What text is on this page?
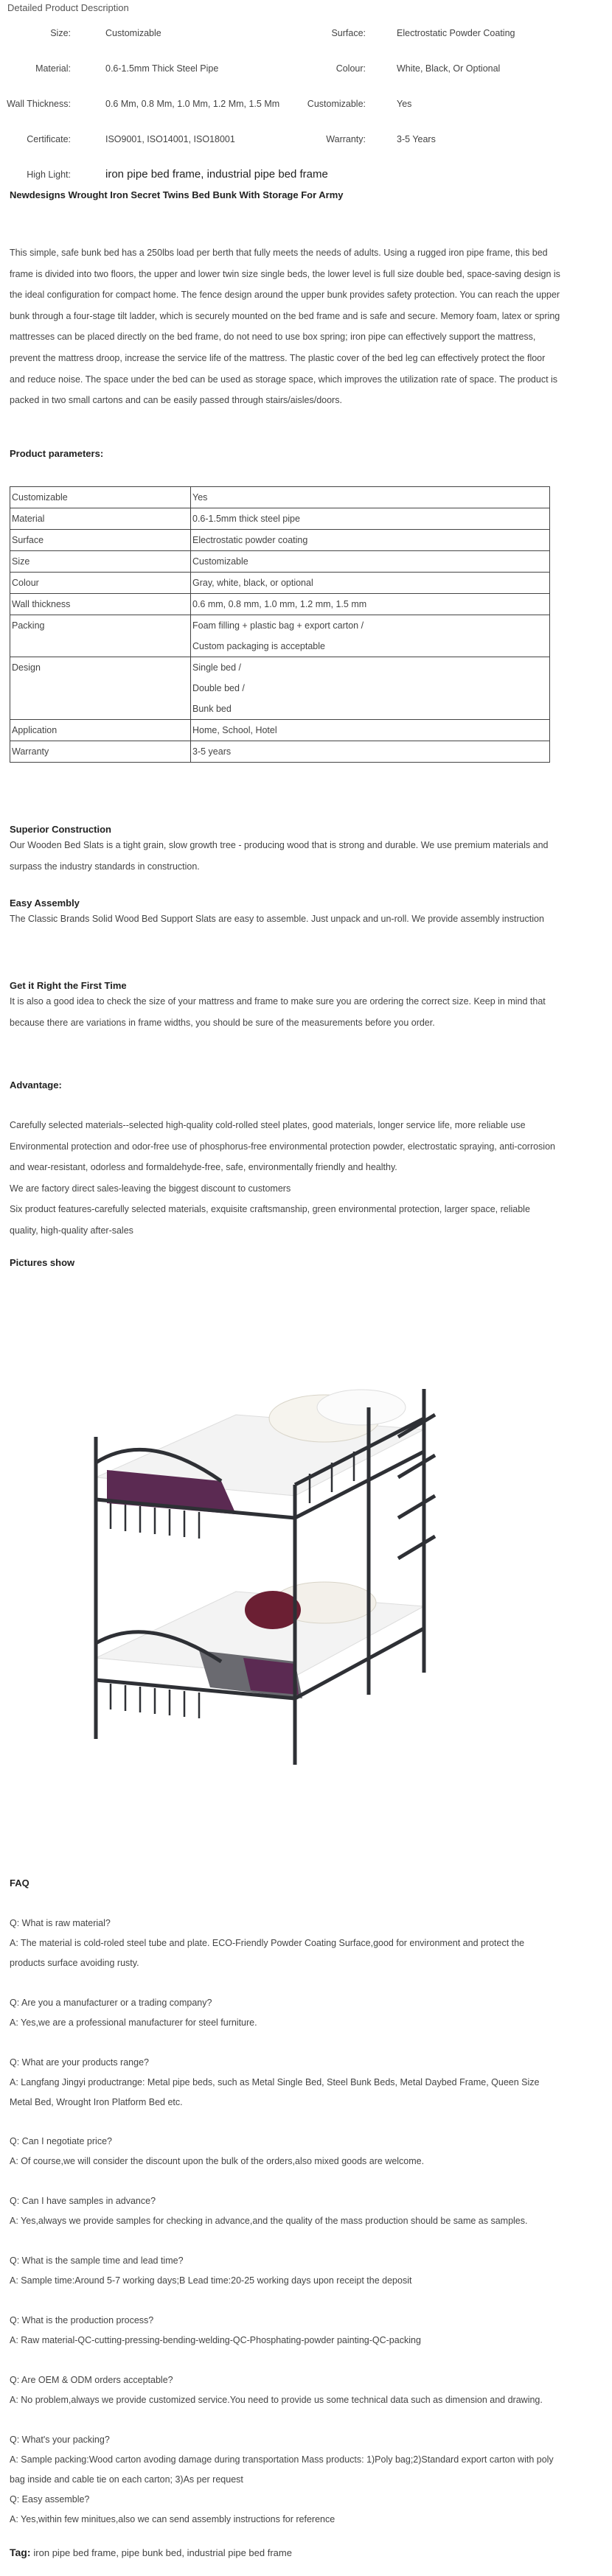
Detailed Product Description
Size:	Customizable	Surface:	Electrostatic Powder Coating
Material:	0.6-1.5mm Thick Steel Pipe	Colour:	White, Black, Or Optional
Wall Thickness:	0.6 Mm, 0.8 Mm, 1.0 Mm, 1.2 Mm, 1.5 Mm	Customizable:	Yes
Certificate:	ISO9001, ISO14001, ISO18001	Warranty:	3-5 Years
High Light:	iron pipe bed frame, industrial pipe bed frame
Newdesigns Wrought Iron Secret Twins Bed Bunk With Storage For Army
This simple, safe bunk bed has a 250lbs load per berth that fully meets the needs of adults. Using a rugged iron pipe frame, this bed
frame is divided into two floors, the upper and lower twin size single beds, the lower level is full size double bed, space-saving design is
the ideal configuration for compact home. The fence design around the upper bunk provides safety protection. You can reach the upper
bunk through a four-stage tilt ladder, which is securely mounted on the bed frame and is safe and secure. Memory foam, latex or spring
mattresses can be placed directly on the bed frame, do not need to use box spring; iron pipe can effectively support the mattress,
prevent the mattress droop, increase the service life of the mattress. The plastic cover of the bed leg can effectively protect the floor
and reduce noise. The space under the bed can be used as storage space, which improves the utilization rate of space. The product is
packed in two small cartons and can be easily passed through stairs/aisles/doors.
Product parameters:
Customizable	Yes

Material	0.6-1.5mm thick steel pipe

Surface	Electrostatic powder coating

Size	Customizable

Colour	Gray, white, black, or optional

Wall thickness	0.6 mm, 0.8 mm, 1.0 mm, 1.2 mm, 1.5 mm

Packing	Foam filling + plastic bag + export carton /
Custom packaging is acceptable

Design	Single bed /
Double bed /
Bunk bed

Application	Home, School, Hotel

Warranty	3-5 years
Superior Construction
Our Wooden Bed Slats is a tight grain, slow growth tree - producing wood that is strong and durable. We use premium materials and
surpass the industry standards in construction.
Easy Assembly
The Classic Brands Solid Wood Bed Support Slats are easy to assemble. Just unpack and un-roll. We provide assembly instruction
Get it Right the First Time
It is also a good idea to check the size of your mattress and frame to make sure you are ordering the correct size. Keep in mind that
because there are variations in frame widths, you should be sure of the measurements before you order.
Advantage:
Carefully selected materials--selected high-quality cold-rolled steel plates, good materials, longer service life, more reliable use
Environmental protection and odor-free use of phosphorus-free environmental protection powder, electrostatic spraying, anti-corrosion
and wear-resistant, odorless and formaldehyde-free, safe, environmentally friendly and healthy.
We are factory direct sales-leaving the biggest discount to customers
Six product features-carefully selected materials, exquisite craftsmanship, green environmental protection, larger space, reliable
quality, high-quality after-sales
Pictures show
FAQ
Q: What is raw material?
A: The material is cold-roled steel tube and plate. ECO-Friendly Powder Coating Surface,good for environment and protect the
products surface avoiding rusty.
Q: Are you a manufacturer or a trading company?
A: Yes,we are a professional manufacturer for steel furniture.
Q: What are your products range?
A: Langfang Jingyi productrange: Metal pipe beds, such as Metal Single Bed, Steel Bunk Beds, Metal Daybed Frame, Queen Size
Metal Bed, Wrought Iron Platform Bed etc.
Q: Can I negotiate price?
A: Of course,we will consider the discount upon the bulk of the orders,also mixed goods are welcome.
Q: Can I have samples in advance?
A: Yes,always we provide samples for checking in advance,and the quality of the mass production should be same as samples.
Q: What is the sample time and lead time?
A: Sample time:Around 5-7 working days;B Lead time:20-25 working days upon receipt the deposit
Q: What is the production process?
A: Raw material-QC-cutting-pressing-bending-welding-QC-Phosphating-powder painting-QC-packing
Q: Are OEM & ODM orders acceptable?
A: No problem,always we provide customized service.You need to provide us some technical data such as dimension and drawing.
Q: What's your packing?
A: Sample packing:Wood carton avoding damage during transportation Mass products: 1)Poly bag;2)Standard export carton with poly
bag inside and cable tie on each carton; 3)As per request
Q: Easy assemble?
A: Yes,within few minitues,also we can send assembly instructions for reference
Tag: iron pipe bed frame, pipe bunk bed, industrial pipe bed frame
